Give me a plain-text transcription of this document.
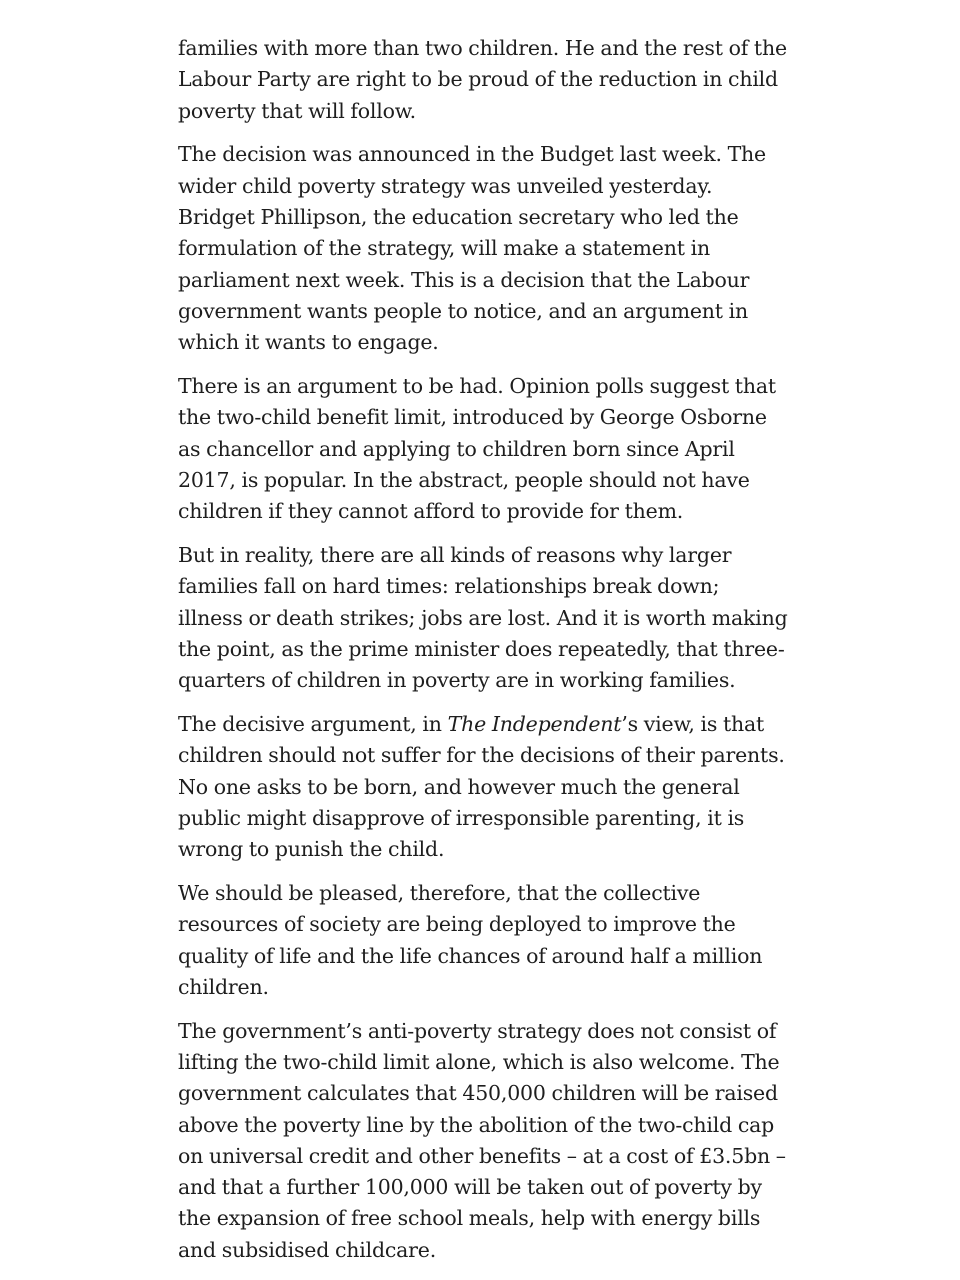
families with more than two children. He and the rest of the Labour Party are right to be proud of the reduction in child poverty that will follow.

The decision was announced in the Budget last week. The wider child poverty strategy was unveiled yesterday. Bridget Phillipson, the education secretary who led the formulation of the strategy, will make a statement in parliament next week. This is a decision that the Labour government wants people to notice, and an argument in which it wants to engage.

There is an argument to be had. Opinion polls suggest that the two-child benefit limit, introduced by George Osborne as chancellor and applying to children born since April 2017, is popular. In the abstract, people should not have children if they cannot afford to provide for them.

But in reality, there are all kinds of reasons why larger families fall on hard times: relationships break down; illness or death strikes; jobs are lost. And it is worth making the point, as the prime minister does repeatedly, that three-quarters of children in poverty are in working families.

The decisive argument, in The Independent’s view, is that children should not suffer for the decisions of their parents. No one asks to be born, and however much the general public might disapprove of irresponsible parenting, it is wrong to punish the child.

We should be pleased, therefore, that the collective resources of society are being deployed to improve the quality of life and the life chances of around half a million children.

The government’s anti-poverty strategy does not consist of lifting the two-child limit alone, which is also welcome. The government calculates that 450,000 children will be raised above the poverty line by the abolition of the two-child cap on universal credit and other benefits – at a cost of £3.5bn – and that a further 100,000 will be taken out of poverty by the expansion of free school meals, help with energy bills and subsidised childcare.
